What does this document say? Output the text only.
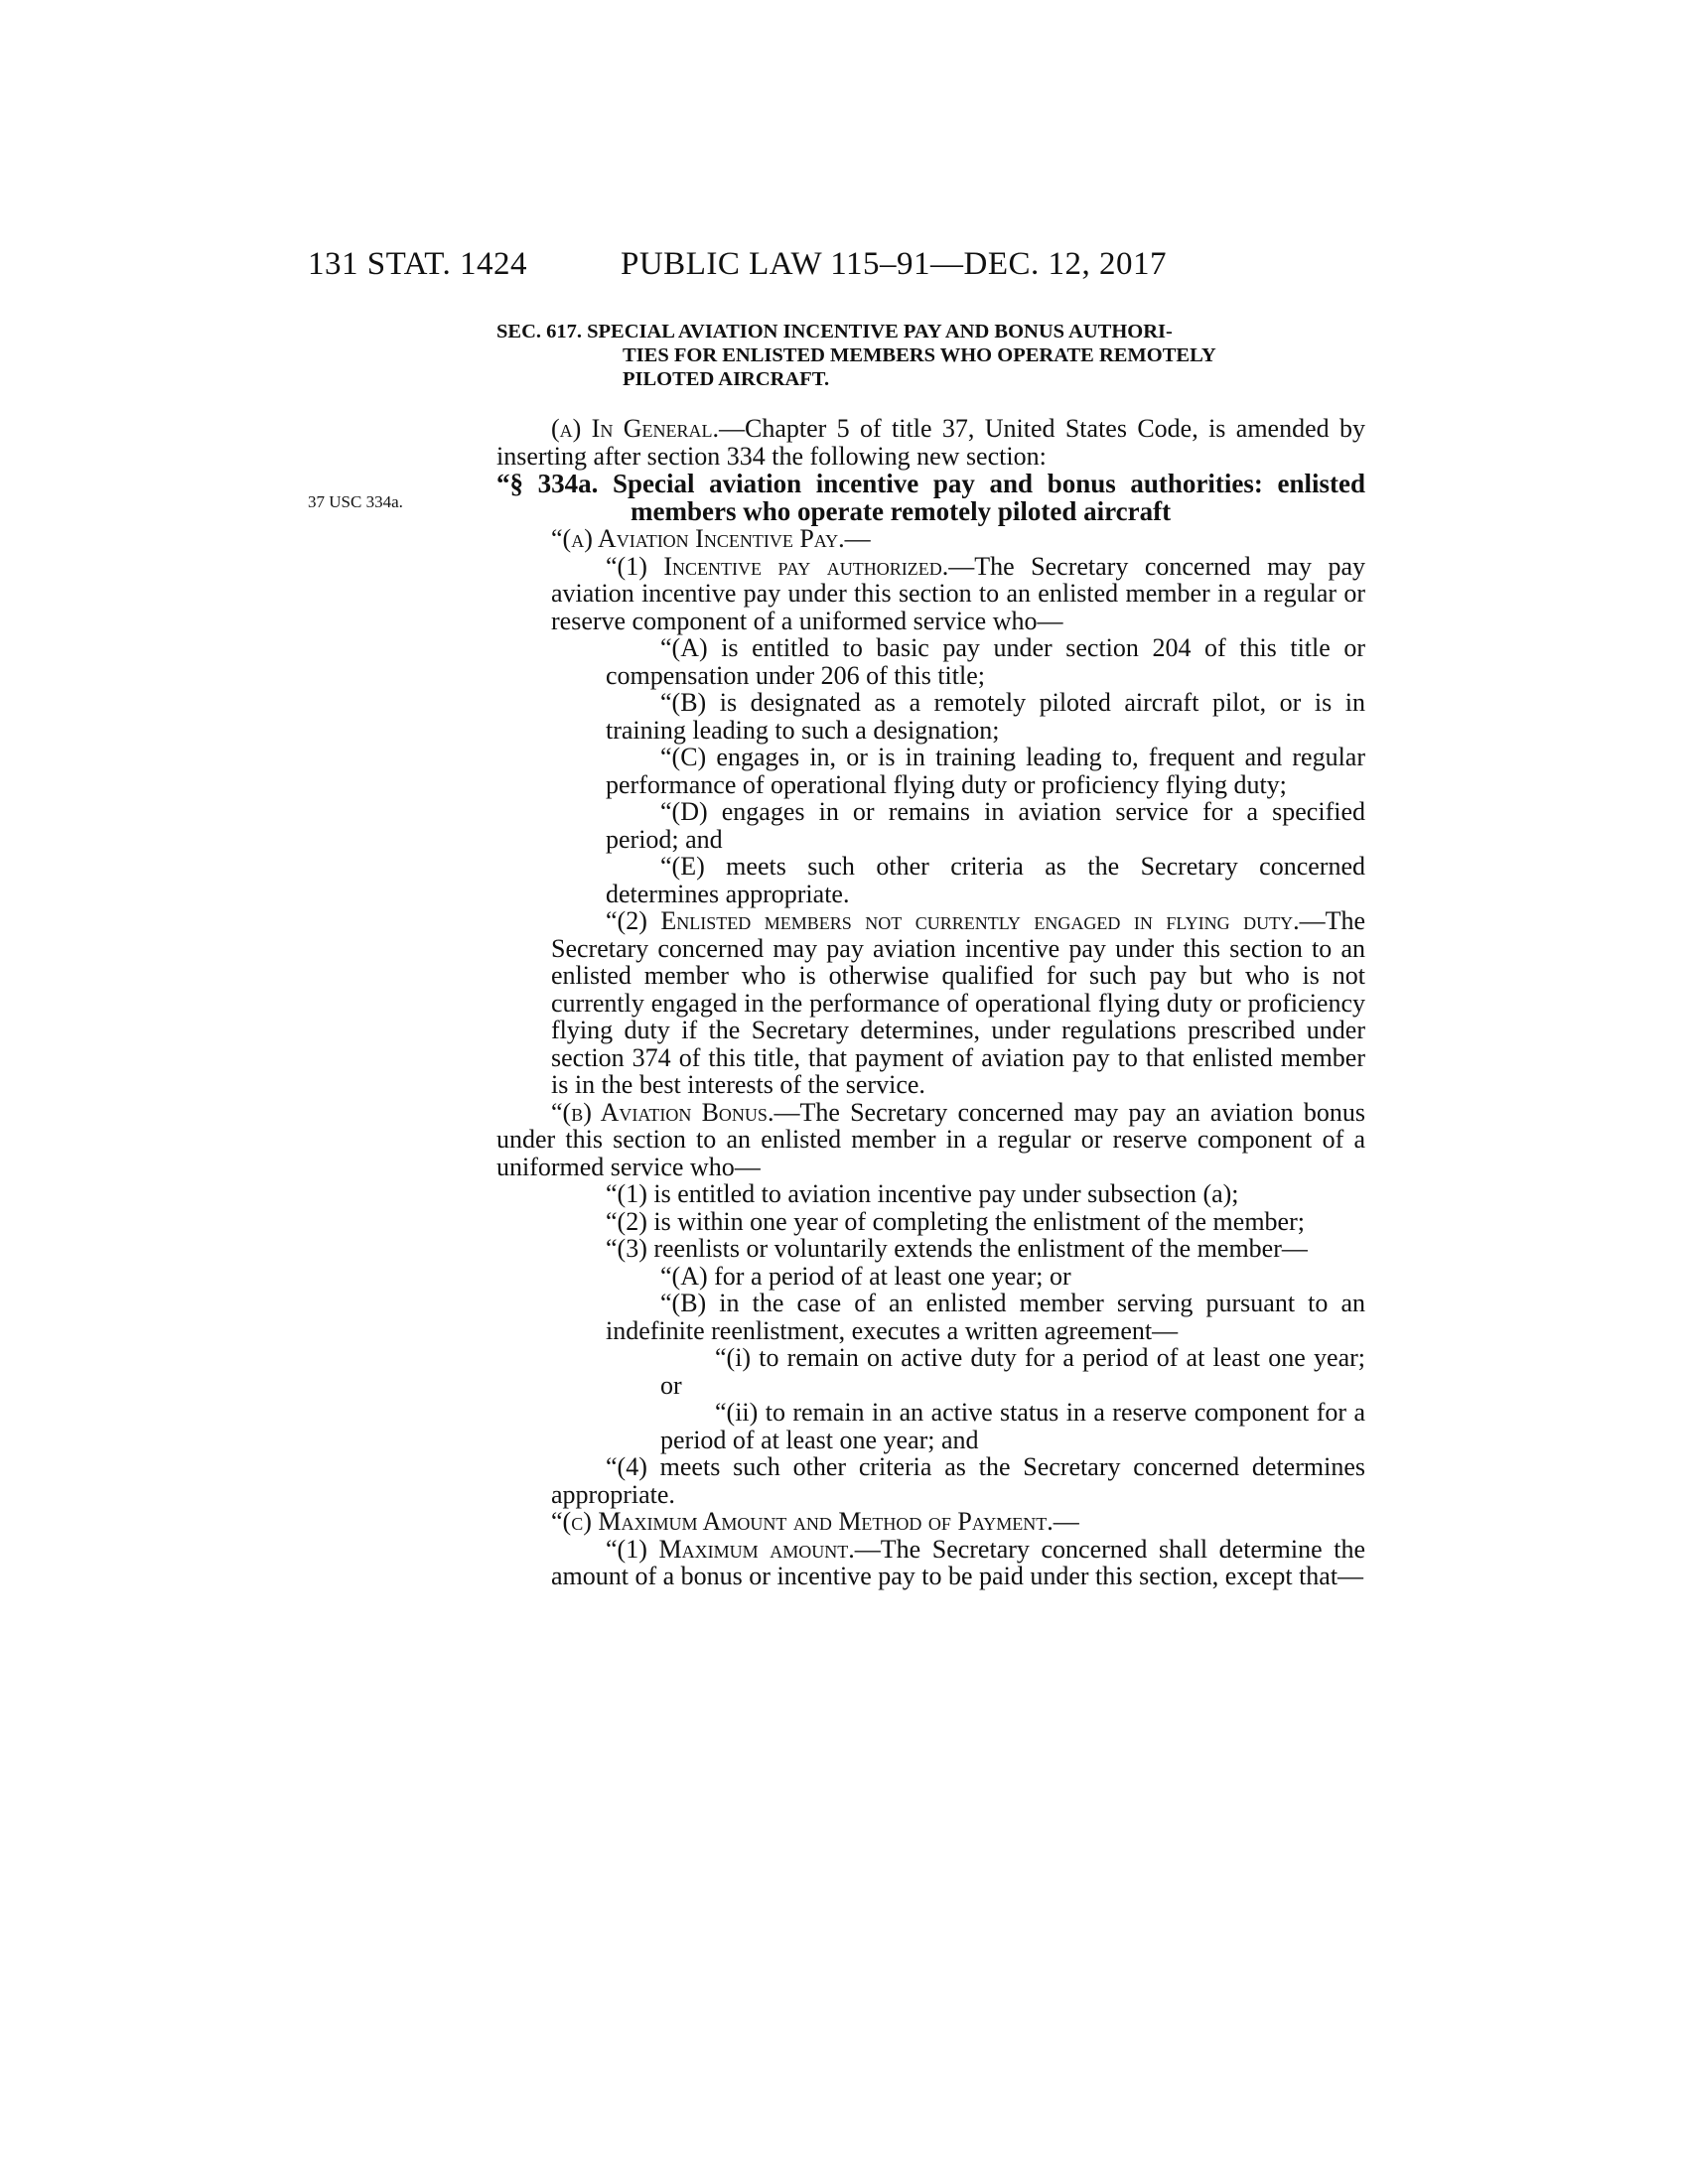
131 STAT. 1424	PUBLIC LAW 115–91—DEC. 12, 2017
SEC. 617. SPECIAL AVIATION INCENTIVE PAY AND BONUS AUTHORI-
TIES FOR ENLISTED MEMBERS WHO OPERATE REMOTELY
PILOTED AIRCRAFT.
37 USC 334a.

(a) In General.—Chapter 5 of title 37, United States Code, is amended by inserting after section 334 the following new section:

“§ 334a. Special aviation incentive pay and bonus authorities: enlisted members who operate remotely piloted aircraft

“(a) Aviation Incentive Pay.—

“(1) Incentive pay authorized.—The Secretary concerned may pay aviation incentive pay under this section to an enlisted member in a regular or reserve component of a uniformed service who—

“(A) is entitled to basic pay under section 204 of this title or compensation under 206 of this title;

“(B) is designated as a remotely piloted aircraft pilot, or is in training leading to such a designation;

“(C) engages in, or is in training leading to, frequent and regular performance of operational flying duty or proficiency flying duty;

“(D) engages in or remains in aviation service for a specified period; and

“(E) meets such other criteria as the Secretary concerned determines appropriate.

“(2) Enlisted members not currently engaged in flying duty.—The Secretary concerned may pay aviation incentive pay under this section to an enlisted member who is otherwise qualified for such pay but who is not currently engaged in the performance of operational flying duty or proficiency flying duty if the Secretary determines, under regulations prescribed under section 374 of this title, that payment of aviation pay to that enlisted member is in the best interests of the service.

“(b) Aviation Bonus.—The Secretary concerned may pay an aviation bonus under this section to an enlisted member in a regular or reserve component of a uniformed service who—

“(1) is entitled to aviation incentive pay under subsection (a);

“(2) is within one year of completing the enlistment of the member;

“(3) reenlists or voluntarily extends the enlistment of the member—

“(A) for a period of at least one year; or

“(B) in the case of an enlisted member serving pursuant to an indefinite reenlistment, executes a written agreement—

“(i) to remain on active duty for a period of at least one year; or

“(ii) to remain in an active status in a reserve component for a period of at least one year; and

“(4) meets such other criteria as the Secretary concerned determines appropriate.

“(c) Maximum Amount and Method of Payment.—

“(1) Maximum amount.—The Secretary concerned shall determine the amount of a bonus or incentive pay to be paid under this section, except that—
